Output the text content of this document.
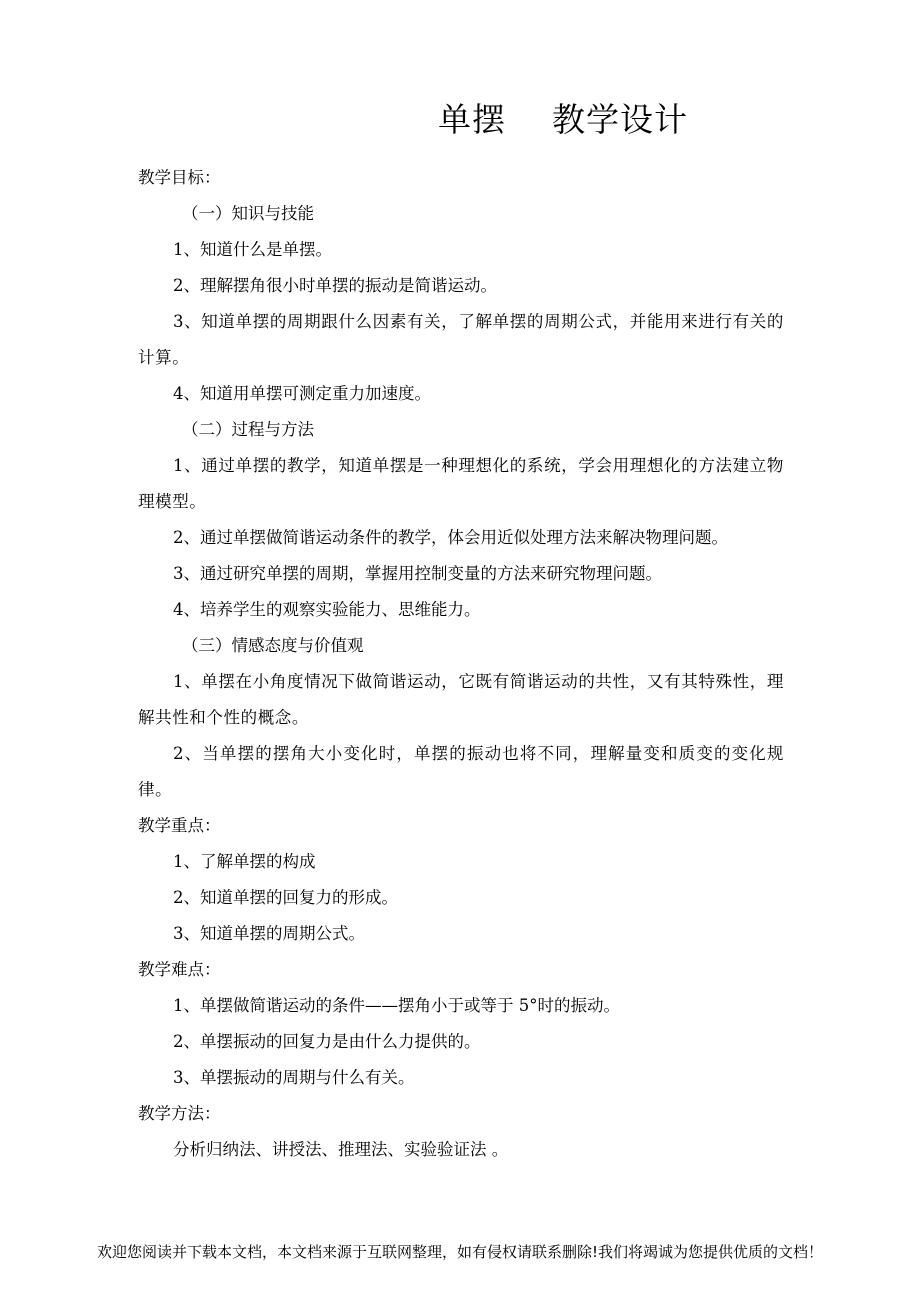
单摆    教学设计
教学目标：
（一）知识与技能
1、知道什么是单摆。
2、理解摆角很小时单摆的振动是简谐运动。
3、知道单摆的周期跟什么因素有关，了解单摆的周期公式，并能用来进行有关的计算。
4、知道用单摆可测定重力加速度。
（二）过程与方法
1、通过单摆的教学，知道单摆是一种理想化的系统，学会用理想化的方法建立物理模型。
2、通过单摆做简谐运动条件的教学，体会用近似处理方法来解决物理问题。
3、通过研究单摆的周期，掌握用控制变量的方法来研究物理问题。
4、培养学生的观察实验能力、思维能力。
（三）情感态度与价值观
1、单摆在小角度情况下做简谐运动，它既有简谐运动的共性，又有其特殊性，理解共性和个性的概念。
2、当单摆的摆角大小变化时，单摆的振动也将不同，理解量变和质变的变化规律。
教学重点：
1、了解单摆的构成
2、知道单摆的回复力的形成。
3、知道单摆的周期公式。
教学难点：
1、单摆做简谐运动的条件——摆角小于或等于 5°时的振动。
2、单摆振动的回复力是由什么力提供的。
3、单摆振动的周期与什么有关。
教学方法：
分析归纳法、讲授法、推理法、实验验证法 。
欢迎您阅读并下载本文档，本文档来源于互联网整理，如有侵权请联系删除!我们将竭诚为您提供优质的文档！
